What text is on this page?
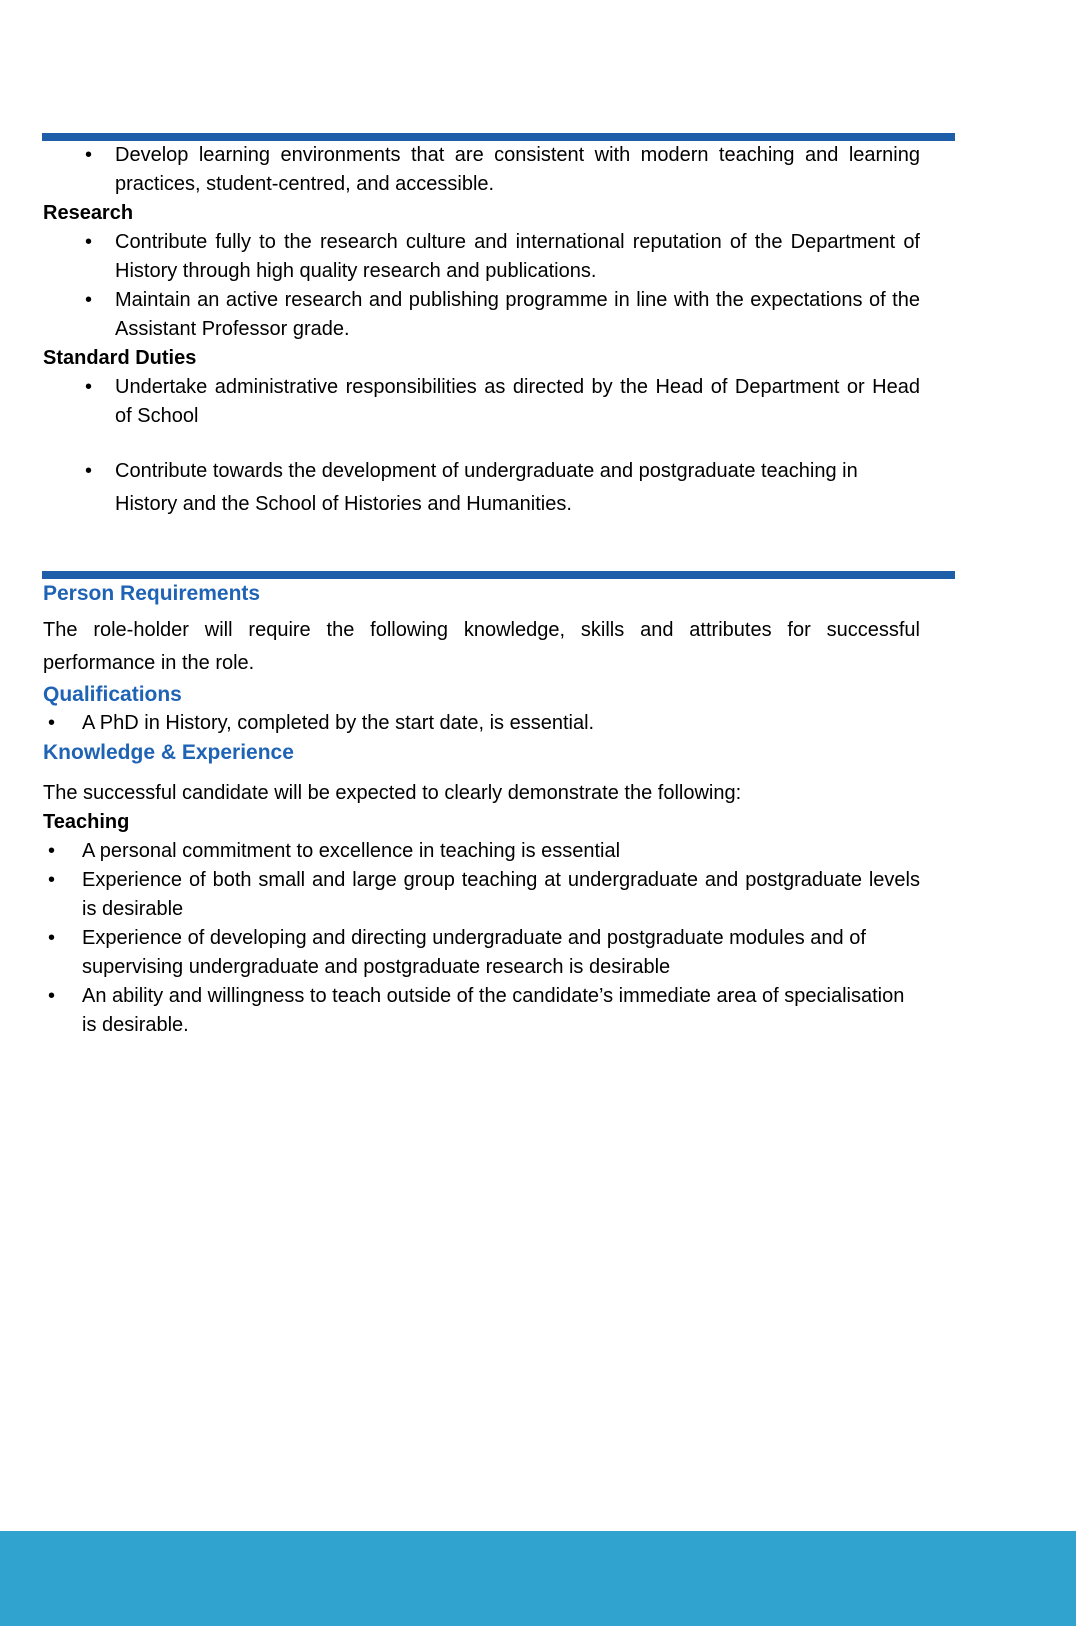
•	Develop learning environments that are consistent with modern teaching and learning practices, student-centred, and accessible.
Research
•	Contribute fully to the research culture and international reputation of the Department of History through high quality research and publications.
•	Maintain an active research and publishing programme in line with the expectations of the Assistant Professor grade.
Standard Duties
•	Undertake administrative responsibilities as directed by the Head of Department or Head of School
•	Contribute towards the development of undergraduate and postgraduate teaching in History and the School of Histories and Humanities.
Person Requirements

The role-holder will require the following knowledge, skills and attributes for successful performance in the role.

Qualifications
•	A PhD in History, completed by the start date, is essential.
Knowledge & Experience

The successful candidate will be expected to clearly demonstrate the following:

Teaching
•	A personal commitment to excellence in teaching is essential
•	Experience of both small and large group teaching at undergraduate and postgraduate levels is desirable
•	Experience of developing and directing undergraduate and postgraduate modules and of supervising undergraduate and postgraduate research is desirable
•	An ability and willingness to teach outside of the candidate’s immediate area of specialisation is desirable.
